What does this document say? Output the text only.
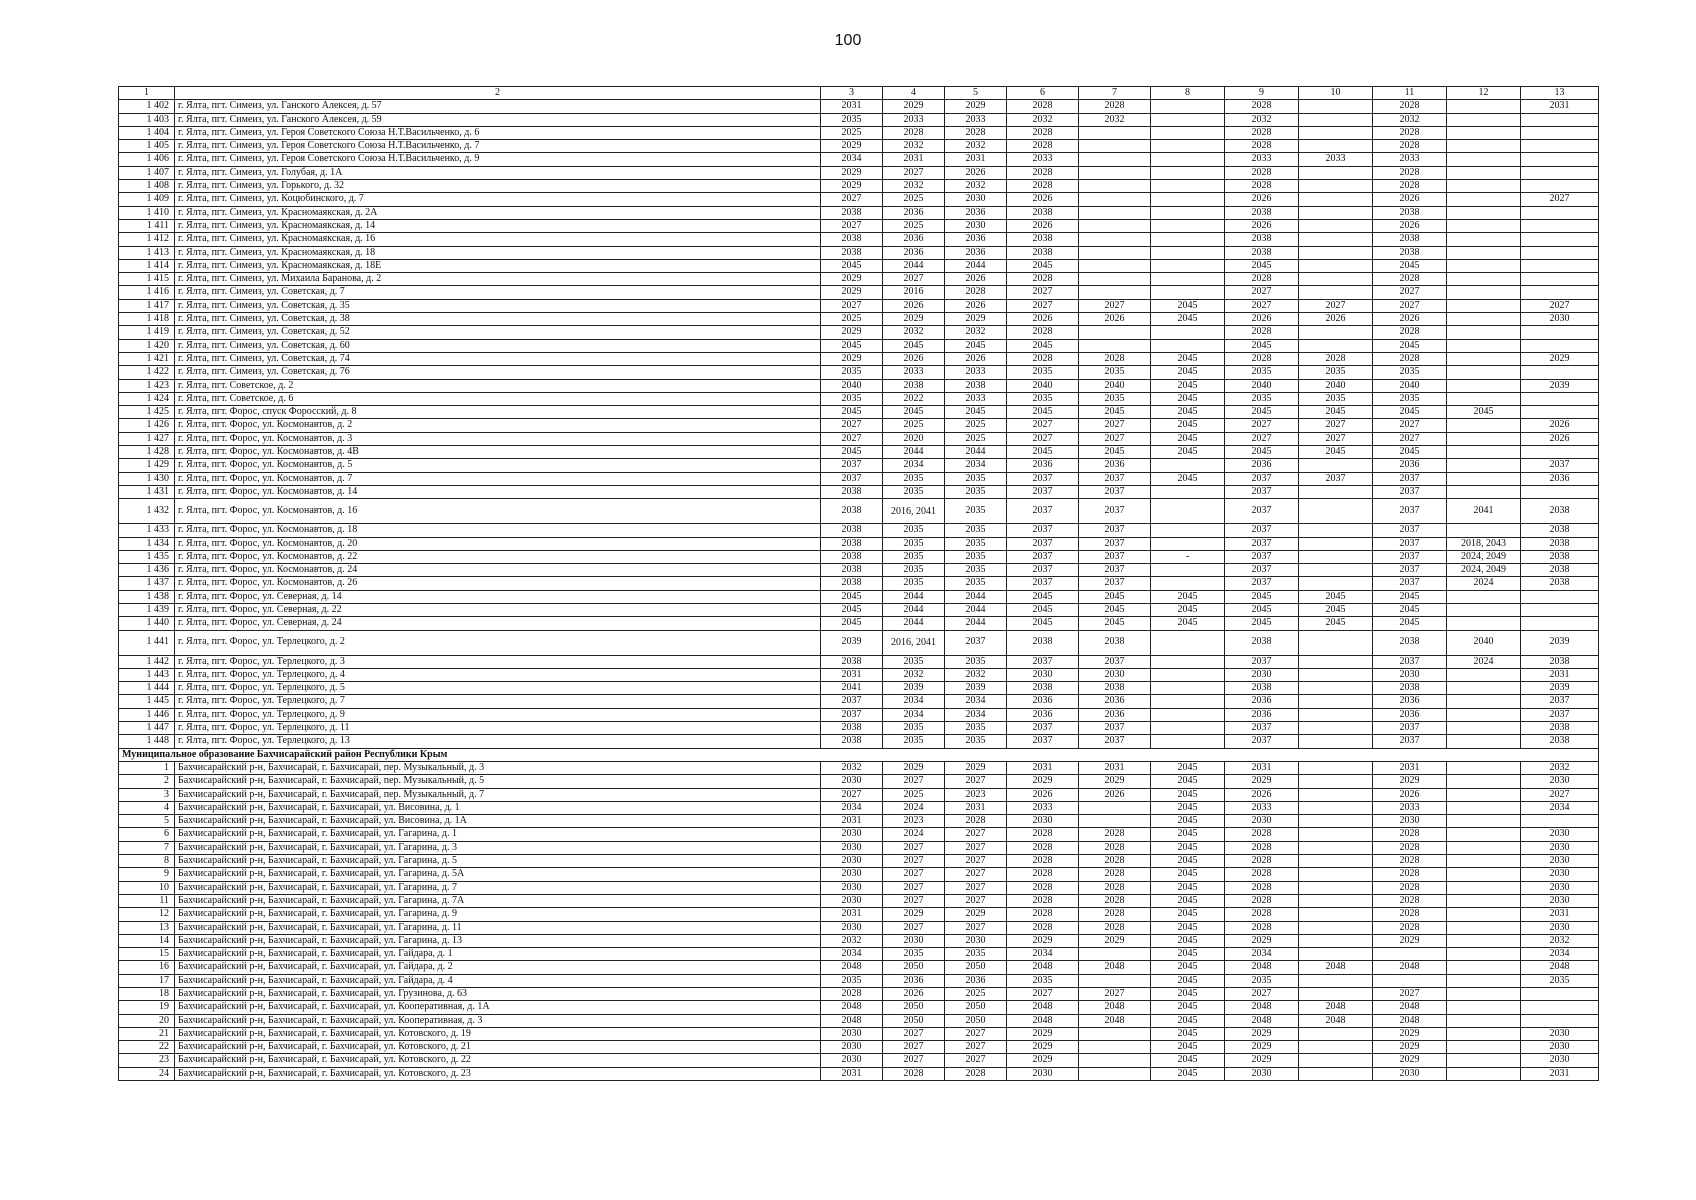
100
1	2	3	4	5	6	7	8	9	10	11	12	13
1 402	г. Ялта, пгт. Симеиз, ул. Ганского Алексея, д. 57	2031	2029	2029	2028	2028		2028		2028		2031
1 403	г. Ялта, пгт. Симеиз, ул. Ганского Алексея, д. 59	2035	2033	2033	2032	2032		2032		2032		
1 404	г. Ялта, пгт. Симеиз, ул. Героя Советского Союза Н.Т.Васильченко, д. 6	2025	2028	2028	2028			2028		2028		
1 405	г. Ялта, пгт. Симеиз, ул. Героя Советского Союза Н.Т.Васильченко, д. 7	2029	2032	2032	2028			2028		2028		
1 406	г. Ялта, пгт. Симеиз, ул. Героя Советского Союза Н.Т.Васильченко, д. 9	2034	2031	2031	2033			2033	2033	2033		
1 407	г. Ялта, пгт. Симеиз, ул. Голубая, д. 1А	2029	2027	2026	2028			2028		2028		
1 408	г. Ялта, пгт. Симеиз, ул. Горького, д. 32	2029	2032	2032	2028			2028		2028		
1 409	г. Ялта, пгт. Симеиз, ул. Коцюбинского, д. 7	2027	2025	2030	2026			2026		2026		2027
1 410	г. Ялта, пгт. Симеиз, ул. Красномаякская, д. 2А	2038	2036	2036	2038			2038		2038		
1 411	г. Ялта, пгт. Симеиз, ул. Красномаякская, д. 14	2027	2025	2030	2026			2026		2026		
1 412	г. Ялта, пгт. Симеиз, ул. Красномаякская, д. 16	2038	2036	2036	2038			2038		2038		
1 413	г. Ялта, пгт. Симеиз, ул. Красномаякская, д. 18	2038	2036	2036	2038			2038		2038		
1 414	г. Ялта, пгт. Симеиз, ул. Красномаякская, д. 18Е	2045	2044	2044	2045			2045		2045		
1 415	г. Ялта, пгт. Симеиз, ул. Михаила Баранова, д. 2	2029	2027	2026	2028			2028		2028		
1 416	г. Ялта, пгт. Симеиз, ул. Советская, д. 7	2029	2016	2028	2027			2027		2027		
1 417	г. Ялта, пгт. Симеиз, ул. Советская, д. 35	2027	2026	2026	2027	2027	2045	2027	2027	2027		2027
1 418	г. Ялта, пгт. Симеиз, ул. Советская, д. 38	2025	2029	2029	2026	2026	2045	2026	2026	2026		2030
1 419	г. Ялта, пгт. Симеиз, ул. Советская, д. 52	2029	2032	2032	2028			2028		2028		
1 420	г. Ялта, пгт. Симеиз, ул. Советская, д. 60	2045	2045	2045	2045			2045		2045		
1 421	г. Ялта, пгт. Симеиз, ул. Советская, д. 74	2029	2026	2026	2028	2028	2045	2028	2028	2028		2029
1 422	г. Ялта, пгт. Симеиз, ул. Советская, д. 76	2035	2033	2033	2035	2035	2045	2035	2035	2035		
1 423	г. Ялта, пгт. Советское, д. 2	2040	2038	2038	2040	2040	2045	2040	2040	2040		2039
1 424	г. Ялта, пгт. Советское, д. 6	2035	2022	2033	2035	2035	2045	2035	2035	2035		
1 425	г. Ялта, пгт. Форос, спуск Форосский, д. 8	2045	2045	2045	2045	2045	2045	2045	2045	2045	2045	
1 426	г. Ялта, пгт. Форос, ул. Космонавтов, д. 2	2027	2025	2025	2027	2027	2045	2027	2027	2027		2026
1 427	г. Ялта, пгт. Форос, ул. Космонавтов, д. 3	2027	2020	2025	2027	2027	2045	2027	2027	2027		2026
1 428	г. Ялта, пгт. Форос, ул. Космонавтов, д. 4В	2045	2044	2044	2045	2045	2045	2045	2045	2045		
1 429	г. Ялта, пгт. Форос, ул. Космонавтов, д. 5	2037	2034	2034	2036	2036		2036		2036		2037
1 430	г. Ялта, пгт. Форос, ул. Космонавтов, д. 7	2037	2035	2035	2037	2037	2045	2037	2037	2037		2036
1 431	г. Ялта, пгт. Форос, ул. Космонавтов, д. 14	2038	2035	2035	2037	2037		2037		2037		
1 432	г. Ялта, пгт. Форос, ул. Космонавтов, д. 16	2038	2016, 2041	2035	2037	2037		2037		2037	2041	2038
1 433	г. Ялта, пгт. Форос, ул. Космонавтов, д. 18	2038	2035	2035	2037	2037		2037		2037		2038
1 434	г. Ялта, пгт. Форос, ул. Космонавтов, д. 20	2038	2035	2035	2037	2037		2037		2037	2018, 2043	2038
1 435	г. Ялта, пгт. Форос, ул. Космонавтов, д. 22	2038	2035	2035	2037	2037	-	2037		2037	2024, 2049	2038
1 436	г. Ялта, пгт. Форос, ул. Космонавтов, д. 24	2038	2035	2035	2037	2037		2037		2037	2024, 2049	2038
1 437	г. Ялта, пгт. Форос, ул. Космонавтов, д. 26	2038	2035	2035	2037	2037		2037		2037	2024	2038
1 438	г. Ялта, пгт. Форос, ул. Северная, д. 14	2045	2044	2044	2045	2045	2045	2045	2045	2045		
1 439	г. Ялта, пгт. Форос, ул. Северная, д. 22	2045	2044	2044	2045	2045	2045	2045	2045	2045		
1 440	г. Ялта, пгт. Форос, ул. Северная, д. 24	2045	2044	2044	2045	2045	2045	2045	2045	2045		
1 441	г. Ялта, пгт. Форос, ул. Терлецкого, д. 2	2039	2016, 2041	2037	2038	2038		2038		2038	2040	2039
1 442	г. Ялта, пгт. Форос, ул. Терлецкого, д. 3	2038	2035	2035	2037	2037		2037		2037	2024	2038
1 443	г. Ялта, пгт. Форос, ул. Терлецкого, д. 4	2031	2032	2032	2030	2030		2030		2030		2031
1 444	г. Ялта, пгт. Форос, ул. Терлецкого, д. 5	2041	2039	2039	2038	2038		2038		2038		2039
1 445	г. Ялта, пгт. Форос, ул. Терлецкого, д. 7	2037	2034	2034	2036	2036		2036		2036		2037
1 446	г. Ялта, пгт. Форос, ул. Терлецкого, д. 9	2037	2034	2034	2036	2036		2036		2036		2037
1 447	г. Ялта, пгт. Форос, ул. Терлецкого, д. 11	2038	2035	2035	2037	2037		2037		2037		2038
1 448	г. Ялта, пгт. Форос, ул. Терлецкого, д. 13	2038	2035	2035	2037	2037		2037		2037		2038
Муниципальное образование Бахчисарайский район Республики Крым												
1	Бахчисарайский р-н, Бахчисарай, г. Бахчисарай, пер. Музыкальный, д. 3	2032	2029	2029	2031	2031	2045	2031		2031		2032
2	Бахчисарайский р-н, Бахчисарай, г. Бахчисарай, пер. Музыкальный, д. 5	2030	2027	2027	2029	2029	2045	2029		2029		2030
3	Бахчисарайский р-н, Бахчисарай, г. Бахчисарай, пер. Музыкальный, д. 7	2027	2025	2023	2026	2026	2045	2026		2026		2027
4	Бахчисарайский р-н, Бахчисарай, г. Бахчисарай, ул. Висовина, д. 1	2034	2024	2031	2033		2045	2033		2033		2034
5	Бахчисарайский р-н, Бахчисарай, г. Бахчисарай, ул. Висовина, д. 1А	2031	2023	2028	2030		2045	2030		2030		
6	Бахчисарайский р-н, Бахчисарай, г. Бахчисарай, ул. Гагарина, д. 1	2030	2024	2027	2028	2028	2045	2028		2028		2030
7	Бахчисарайский р-н, Бахчисарай, г. Бахчисарай, ул. Гагарина, д. 3	2030	2027	2027	2028	2028	2045	2028		2028		2030
8	Бахчисарайский р-н, Бахчисарай, г. Бахчисарай, ул. Гагарина, д. 5	2030	2027	2027	2028	2028	2045	2028		2028		2030
9	Бахчисарайский р-н, Бахчисарай, г. Бахчисарай, ул. Гагарина, д. 5А	2030	2027	2027	2028	2028	2045	2028		2028		2030
10	Бахчисарайский р-н, Бахчисарай, г. Бахчисарай, ул. Гагарина, д. 7	2030	2027	2027	2028	2028	2045	2028		2028		2030
11	Бахчисарайский р-н, Бахчисарай, г. Бахчисарай, ул. Гагарина, д. 7А	2030	2027	2027	2028	2028	2045	2028		2028		2030
12	Бахчисарайский р-н, Бахчисарай, г. Бахчисарай, ул. Гагарина, д. 9	2031	2029	2029	2028	2028	2045	2028		2028		2031
13	Бахчисарайский р-н, Бахчисарай, г. Бахчисарай, ул. Гагарина, д. 11	2030	2027	2027	2028	2028	2045	2028		2028		2030
14	Бахчисарайский р-н, Бахчисарай, г. Бахчисарай, ул. Гагарина, д. 13	2032	2030	2030	2029	2029	2045	2029		2029		2032
15	Бахчисарайский р-н, Бахчисарай, г. Бахчисарай, ул. Гайдара, д. 1	2034	2035	2035	2034		2045	2034				2034
16	Бахчисарайский р-н, Бахчисарай, г. Бахчисарай, ул. Гайдара, д. 2	2048	2050	2050	2048	2048	2045	2048	2048	2048		2048
17	Бахчисарайский р-н, Бахчисарай, г. Бахчисарай, ул. Гайдара, д. 4	2035	2036	2036	2035		2045	2035				2035
18	Бахчисарайский р-н, Бахчисарай, г. Бахчисарай, ул. Грузинова, д. 63	2028	2026	2025	2027	2027	2045	2027		2027		
19	Бахчисарайский р-н, Бахчисарай, г. Бахчисарай, ул. Кооперативная, д. 1А	2048	2050	2050	2048	2048	2045	2048	2048	2048		
20	Бахчисарайский р-н, Бахчисарай, г. Бахчисарай, ул. Кооперативная, д. 3	2048	2050	2050	2048	2048	2045	2048	2048	2048		
21	Бахчисарайский р-н, Бахчисарай, г. Бахчисарай, ул. Котовского, д. 19	2030	2027	2027	2029		2045	2029		2029		2030
22	Бахчисарайский р-н, Бахчисарай, г. Бахчисарай, ул. Котовского, д. 21	2030	2027	2027	2029		2045	2029		2029		2030
23	Бахчисарайский р-н, Бахчисарай, г. Бахчисарай, ул. Котовского, д. 22	2030	2027	2027	2029		2045	2029		2029		2030
24	Бахчисарайский р-н, Бахчисарай, г. Бахчисарай, ул. Котовского, д. 23	2031	2028	2028	2030		2045	2030		2030		2031
